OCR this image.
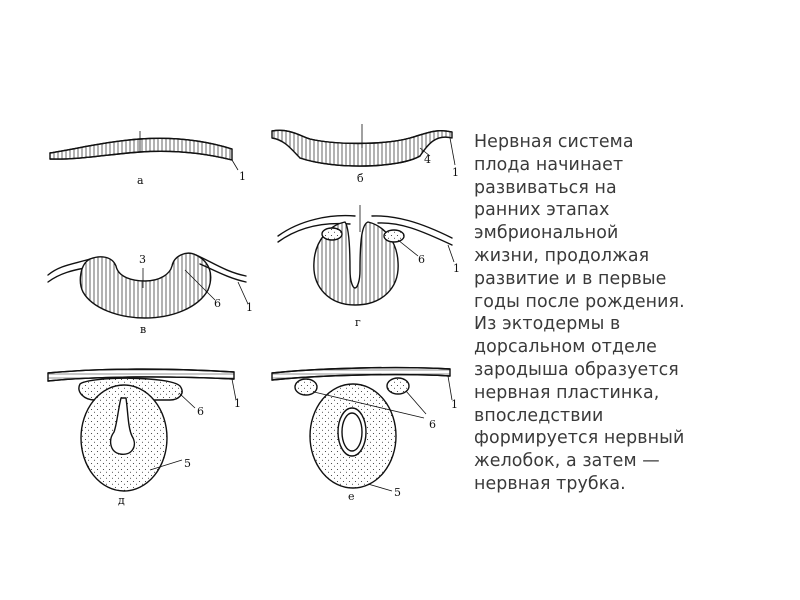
а	1	б
4
1
в
3
6 1
г
6
1
д
6
1
5
е
6
1
5

Нервная система
плода начинает
развиваться на
ранних этапах
эмбриональной
жизни, продолжая
развитие и в первые
годы после рождения.
Из эктодермы в
дорсальном отделе
зародыша образуется
нервная пластинка,
впоследствии
формируется нервный
желобок, а затем —
нервная трубка.
